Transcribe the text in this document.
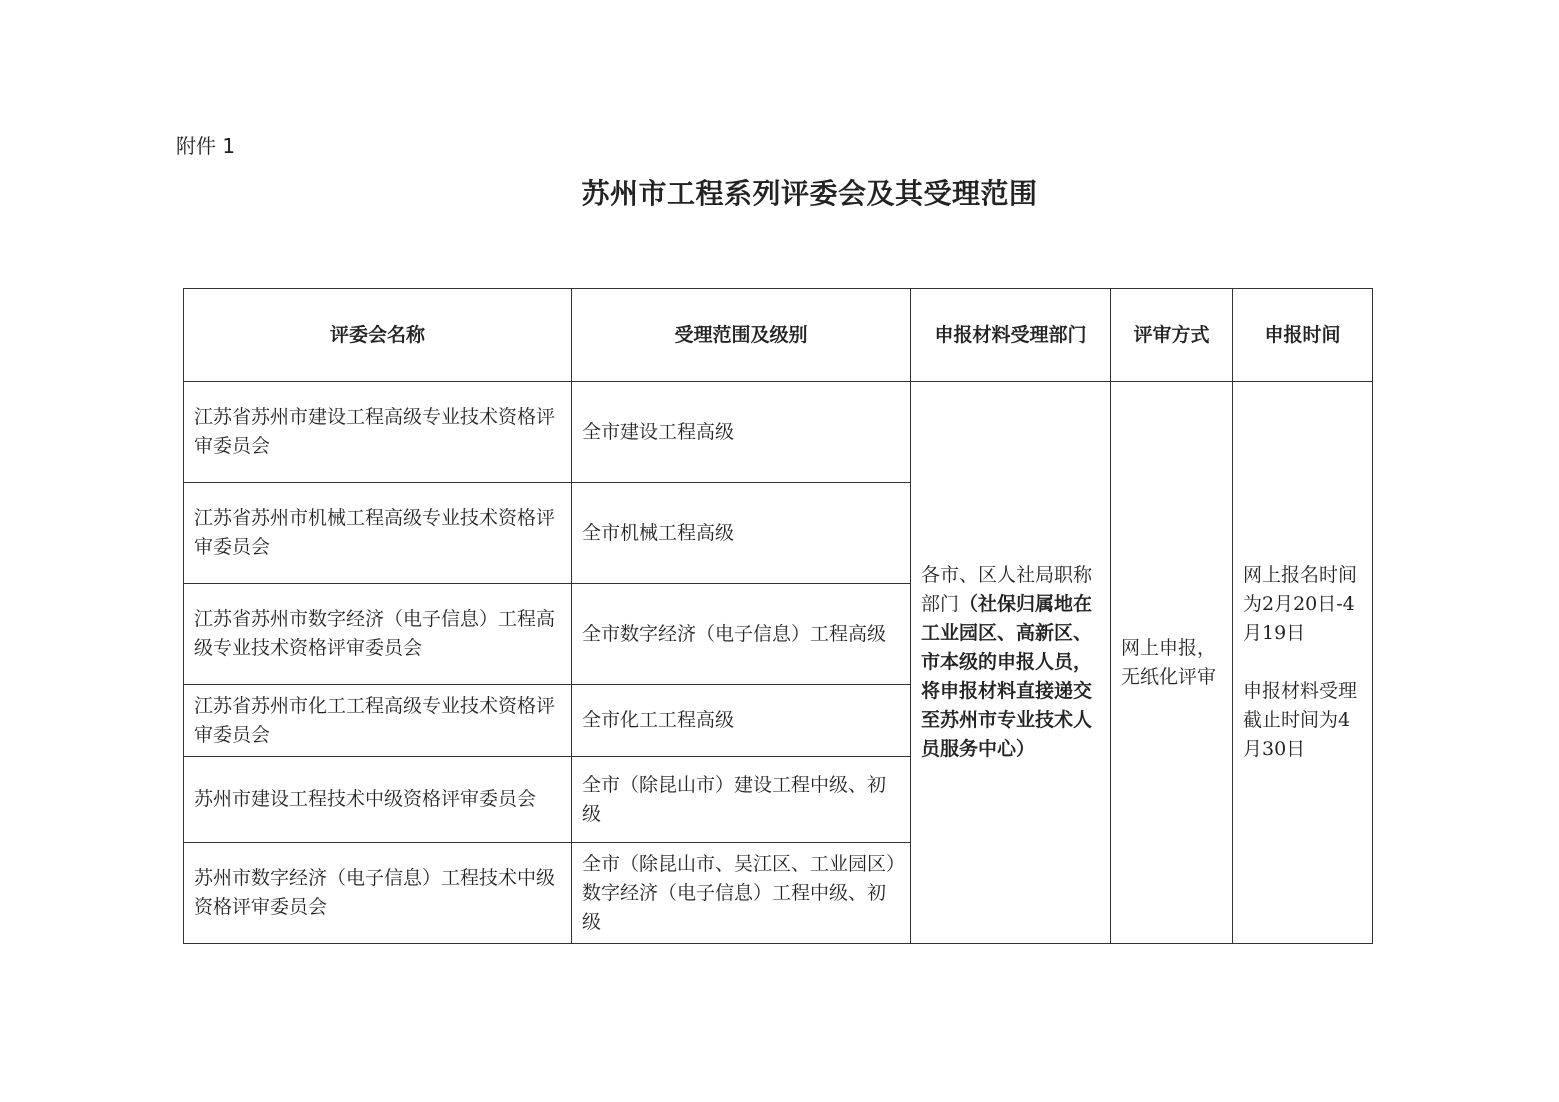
附件 1
苏州市工程系列评委会及其受理范围
评委会名称	受理范围及级别	申报材料受理部门	评审方式	申报时间
江苏省苏州市建设工程高级专业技术资格评审委员会	全市建设工程高级	各市、区人社局职称部门（社保归属地在工业园区、高新区、市本级的申报人员，将申报材料直接递交至苏州市专业技术人员服务中心）	网上申报，无纸化评审	网上报名时间为2月20日-4月19日
申报材料受理截止时间为4月30日

江苏省苏州市机械工程高级专业技术资格评审委员会	全市机械工程高级			
江苏省苏州市数字经济（电子信息）工程高级专业技术资格评审委员会	全市数字经济（电子信息）工程高级			
江苏省苏州市化工工程高级专业技术资格评审委员会	全市化工工程高级			
苏州市建设工程技术中级资格评审委员会	全市（除昆山市）建设工程中级、初级			
苏州市数字经济（电子信息）工程技术中级资格评审委员会	全市（除昆山市、吴江区、工业园区）数字经济（电子信息）工程中级、初级			
